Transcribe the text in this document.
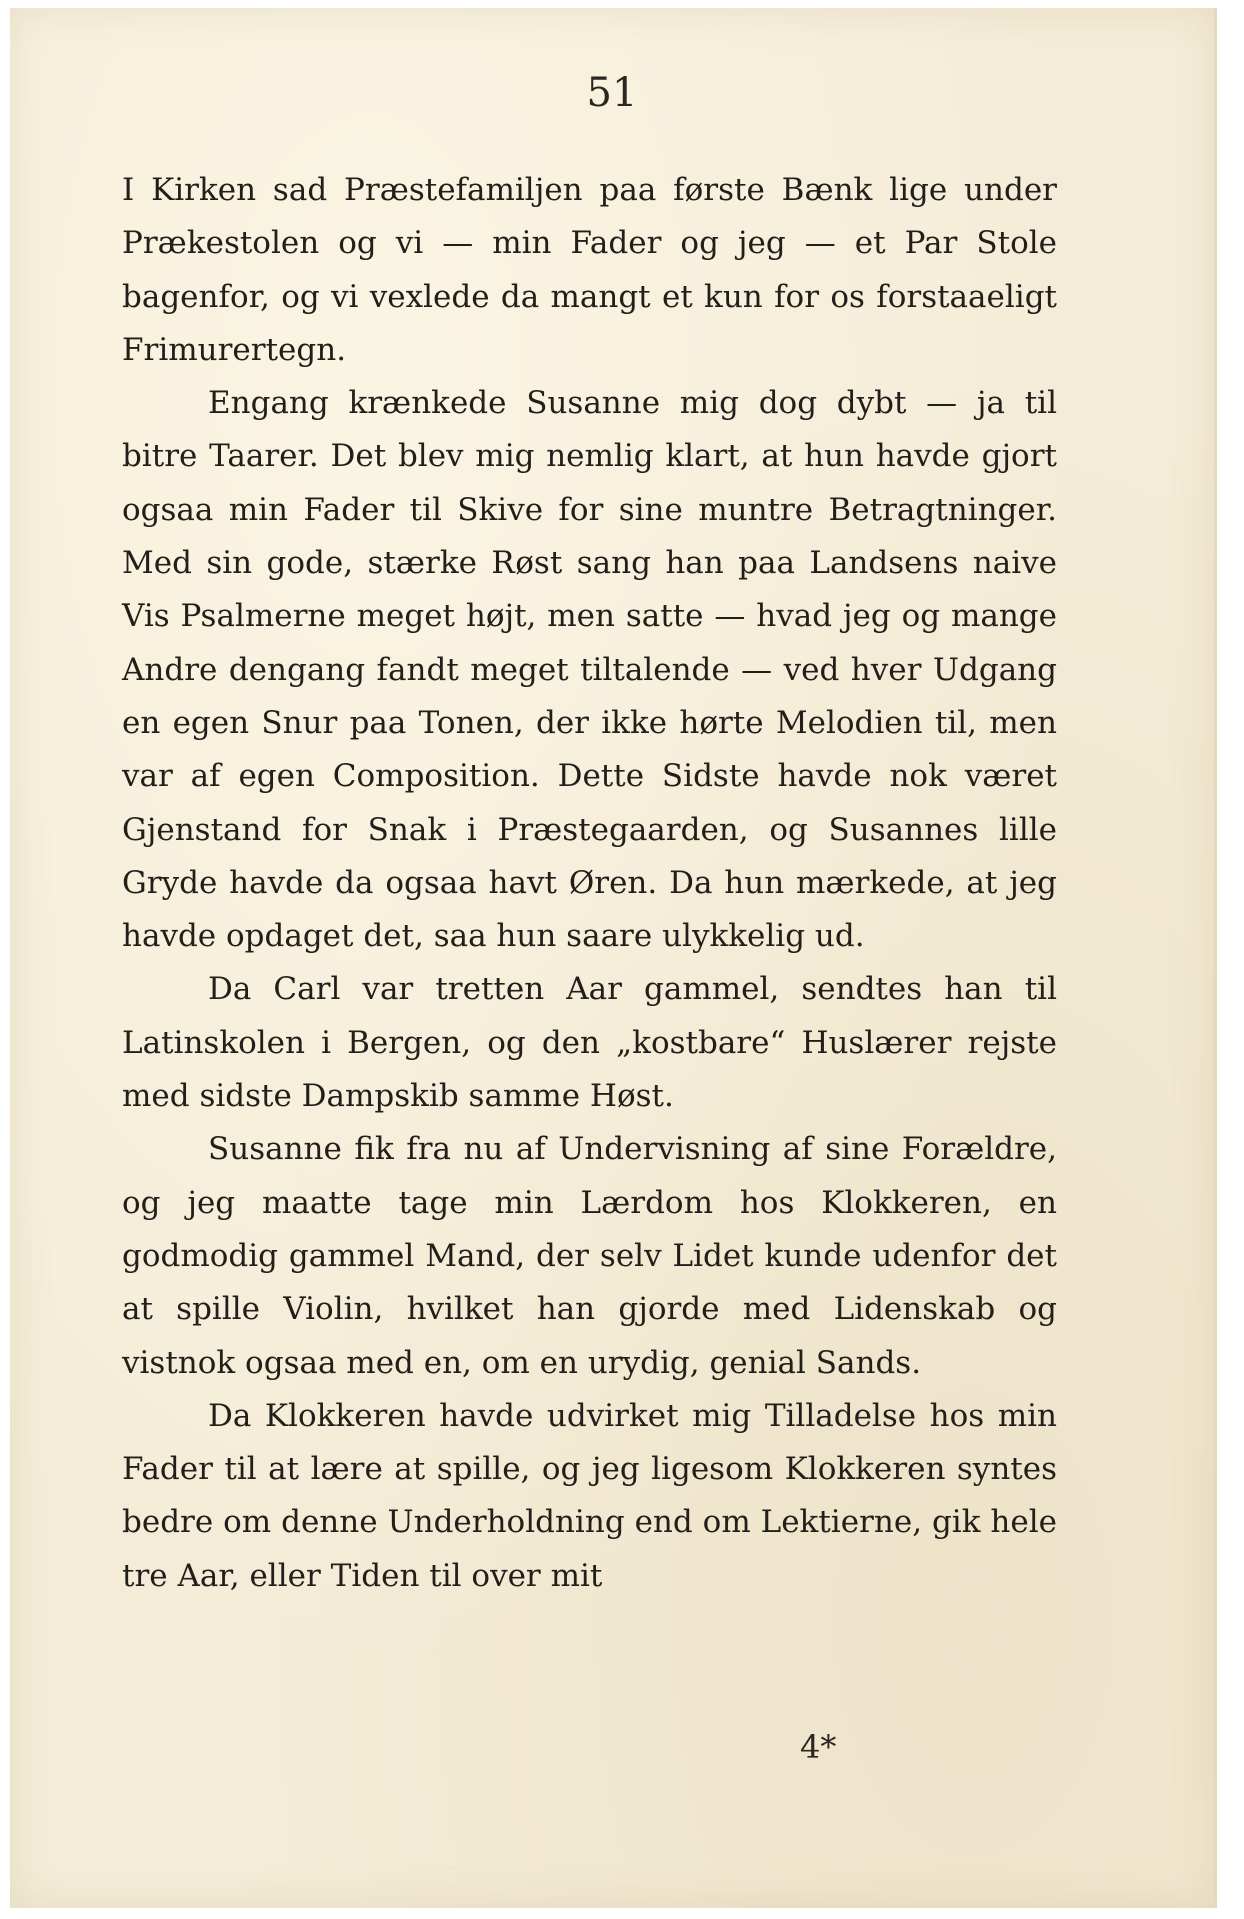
51

I Kirken sad Præstefamiljen paa første Bænk lige under Prækestolen og vi — min Fader og jeg — et Par Stole bagenfor, og vi vexlede da mangt et kun for os forstaaeligt Frimurertegn.

Engang krænkede Susanne mig dog dybt — ja til bitre Taarer. Det blev mig nemlig klart, at hun havde gjort ogsaa min Fader til Skive for sine muntre Betragtninger. Med sin gode, stærke Røst sang han paa Landsens naive Vis Psalmerne meget højt, men satte — hvad jeg og mange Andre dengang fandt meget tiltalende — ved hver Udgang en egen Snur paa Tonen, der ikke hørte Melodien til, men var af egen Composition. Dette Sidste havde nok været Gjenstand for Snak i Præstegaarden, og Susannes lille Gryde havde da ogsaa havt Øren. Da hun mærkede, at jeg havde opdaget det, saa hun saare ulykkelig ud.

Da Carl var tretten Aar gammel, sendtes han til Latinskolen i Bergen, og den „kostbare“ Huslærer rejste med sidste Dampskib samme Høst.

Susanne fik fra nu af Undervisning af sine Forældre, og jeg maatte tage min Lærdom hos Klokkeren, en godmodig gammel Mand, der selv Lidet kunde udenfor det at spille Violin, hvilket han gjorde med Lidenskab og vistnok ogsaa med en, om en urydig, genial Sands.

Da Klokkeren havde udvirket mig Tilladelse hos min Fader til at lære at spille, og jeg ligesom Klokkeren syntes bedre om denne Underholdning end om Lektierne, gik hele tre Aar, eller Tiden til over mit

4*
